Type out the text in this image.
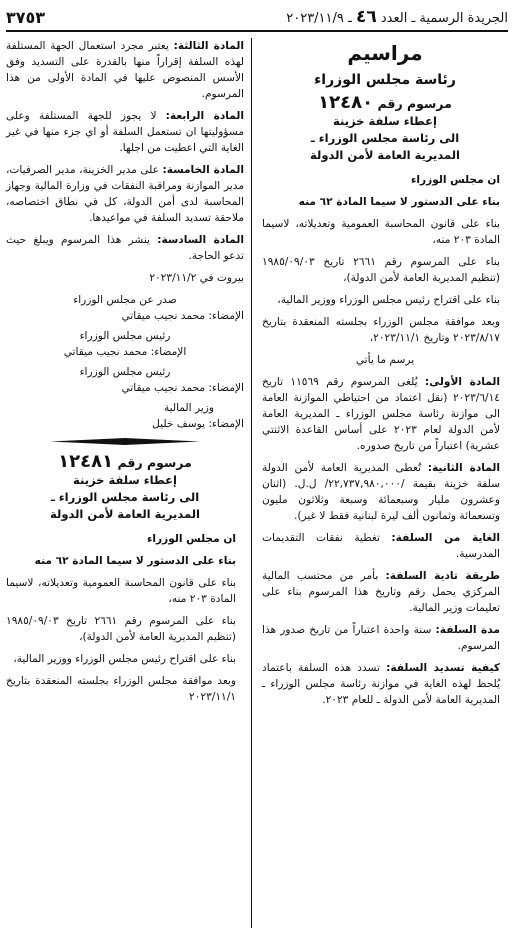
الجريدة الرسمية ـ العدد ٤٦ ـ ٢٠٢٣/١١/٩
٣٧٥٣
مراسيم
رئاسة مجلس الوزراء
مرسوم رقم ١٢٤٨٠
إعطاء سلفة خزينة
الى رئاسة مجلس الوزراء ـ
المديرية العامة لأمن الدولة

ان مجلس الوزراء

بناء على الدستور لا سيما المادة ٦٢ منه

بناء على قانون المحاسبة العمومية وتعديلاته، لاسيما المادة ٢٠٣ منه،

بناء على المرسوم رقم ٢٦٦١ تاريخ ١٩٨٥/٠٩/٠٣ (تنظيم المديرية العامة لأمن الدولة)،

بناء على اقتراح رئيس مجلس الوزراء ووزير المالية،

وبعد موافقة مجلس الوزراء بجلسته المنعقدة بتاريخ ٢٠٢٣/٨/١٧ وتاريخ ٢٠٢٣/١١/١،

يرسم ما يأتي

المادة الأولى: يُلغى المرسوم رقم ١١٥٦٩ تاريخ ٢٠٢٣/٦/١٤ (نقل اعتماد من احتياطي الموازنة العامة الى موازنة رئاسة مجلس الوزراء ـ المديرية العامة لأمن الدولة لعام ٢٠٢٣ على أساس القاعدة الاثنتي عشرية) اعتباراً من تاريخ صدوره.

المادة الثانية: تُعطى المديرية العامة لأمن الدولة سلفة خزينة بقيمة /٢٢,٧٣٧,٩٨٠,٠٠٠/ ل.ل. (اثنان وعشرون مليار وسبعمائة وسبعة وثلاثون مليون وتسعمائة وثمانون ألف ليرة لبنانية فقط لا غير).

الغاية من السلفة: تغطية نفقات التقديمات المدرسية.

طريقة تادية السلفة: بأمر من محتسب المالية المركزي يحمل رقم وتاريخ هذا المرسوم بناء على تعليمات وزير المالية.

مدة السلفة: سنة واحدة اعتباراً من تاريخ صدور هذا المرسوم.

كيفية تسديد السلفة: تسدد هذه السلفة باعتماد يُلحظ لهذه الغاية في موازنة رئاسة مجلس الوزراء ـ المديرية العامة لأمن الدولة ـ للعام ٢٠٢٣.

المادة الثالثة: يعتبر مجرد استعمال الجهة المستلفة لهذه السلفة إقراراً منها بالقدرة على التسديد وفق الأسس المنصوص عليها في المادة الأولى من هذا المرسوم.

المادة الرابعة: لا يجوز للجهة المستلفة وعلى مسؤوليتها ان تستعمل السلفة أو اي جزء منها في غير الغاية التي اعطيت من اجلها.

المادة الخامسة: على مدير الخزينة، مدير الصرفيات، مدير الموازنة ومراقبة النفقات في وزارة المالية وجهاز المحاسبة لدى أمن الدولة، كل في نطاق اختصاصه، ملاحقة تسديد السلفة في مواعيدها.

المادة السادسة: ينشر هذا المرسوم ويبلغ حيث تدعو الحاجة.

بيروت في ٢٠٢٣/١١/٢

صدر عن مجلس الوزراء

الإمضاء: محمد نجيب ميقاتي

رئيس مجلس الوزراء

الإمضاء: محمد نجيب ميقاتي

رئيس مجلس الوزراء

الإمضاء: محمد نجيب ميقاتي

وزير المالية

الإمضاء: يوسف خليل

مرسوم رقم ١٢٤٨١
إعطاء سلفة خزينة
الى رئاسة مجلس الوزراء ـ
المديرية العامة لأمن الدولة

ان مجلس الوزراء

بناء على الدستور لا سيما المادة ٦٢ منه

بناء على قانون المحاسبة العمومية وتعديلاته، لاسيما المادة ٢٠٣ منه،

بناء على المرسوم رقم ٢٦٦١ تاريخ ١٩٨٥/٠٩/٠٣ (تنظيم المديرية العامة لأمن الدولة)،

بناء على اقتراح رئيس مجلس الوزراء ووزير المالية،

وبعد موافقة مجلس الوزراء بجلسته المنعقدة بتاريخ ٢٠٢٣/١١/١
